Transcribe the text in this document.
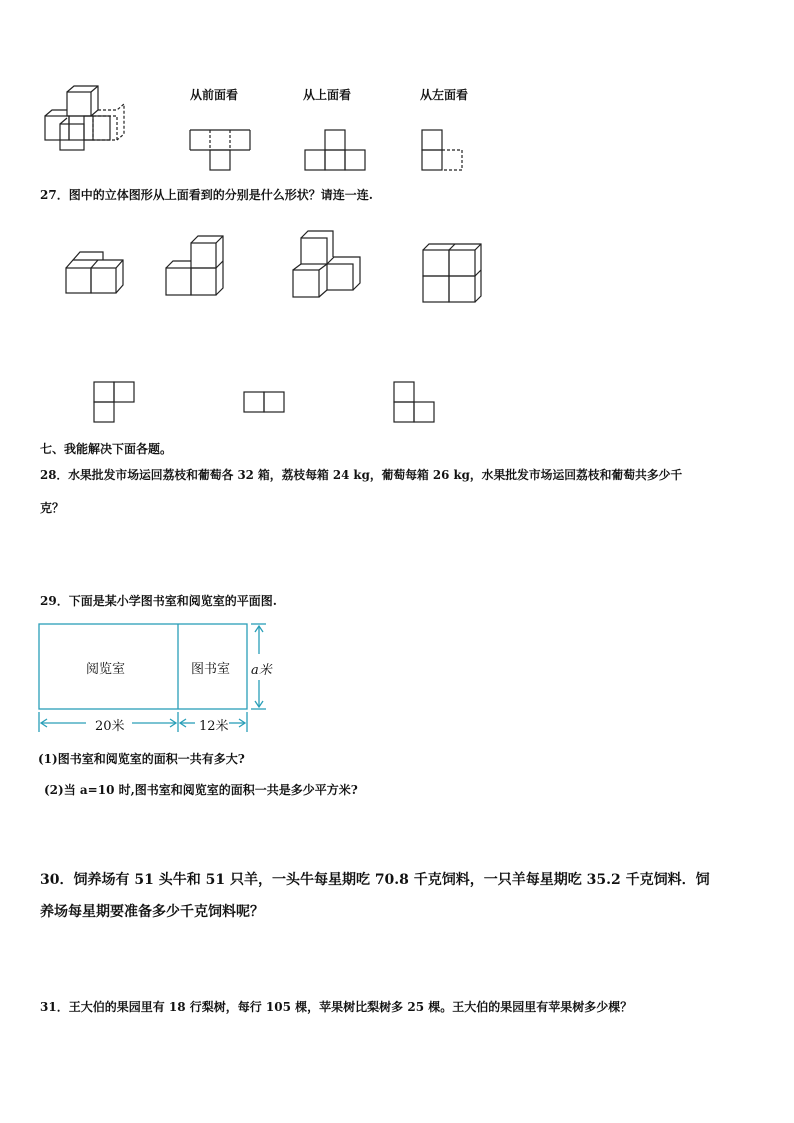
从前面看	从上面看	从左面看
27．图中的立体图形从上面看到的分别是什么形状？请连一连.
七、我能解决下面各题。
28．水果批发市场运回荔枝和葡萄各 32 箱，荔枝每箱 24 kg，葡萄每箱 26 kg，水果批发市场运回荔枝和葡萄共多少千
克？
29．下面是某小学图书室和阅览室的平面图.
阅览室	图书室 a米
20米	12米
(1)图书室和阅览室的面积一共有多大?
(2)当 a=10 时,图书室和阅览室的面积一共是多少平方米?
30．饲养场有 51 头牛和 51 只羊，一头牛每星期吃 70.8 千克饲料，一只羊每星期吃 35.2 千克饲料．饲
养场每星期要准备多少千克饲料呢？
31．王大伯的果园里有 18 行梨树，每行 105 棵，苹果树比梨树多 25 棵。王大伯的果园里有苹果树多少棵？
